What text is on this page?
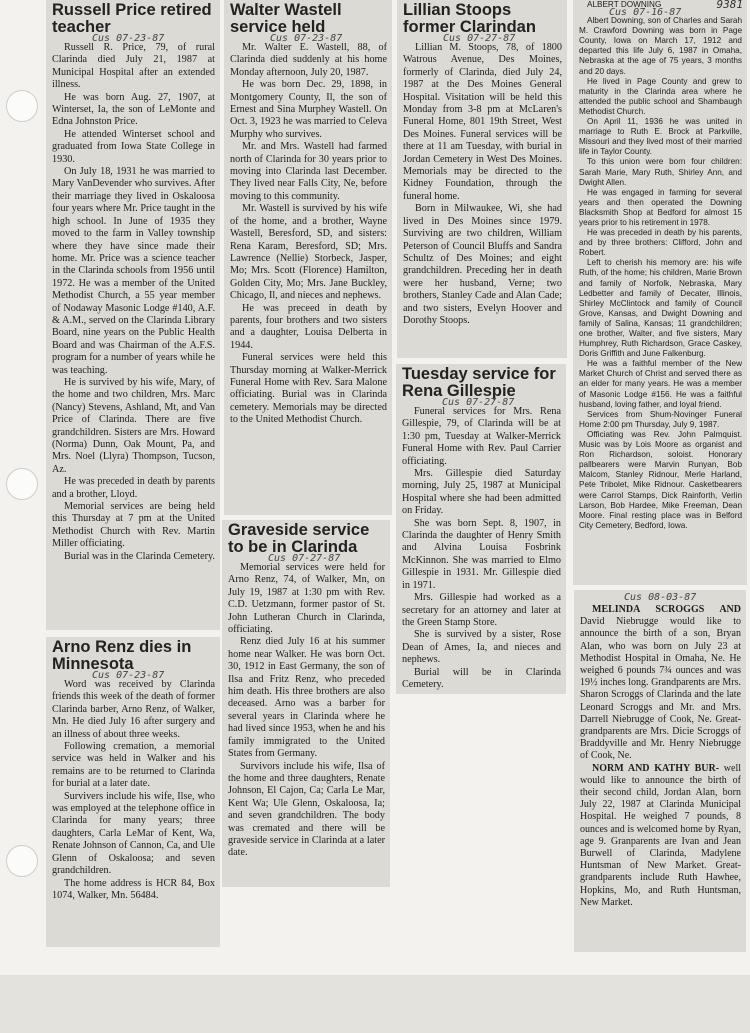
Russell Price retired teacher
Cus 07-23-87

Russell R. Price, 79, of rural Clarinda died July 21, 1987 at Municipal Hospital after an extended illness.

He was born Aug. 27, 1907, at Winterset, Ia, the son of LeMonte and Edna Johnston Price.

He attended Winterset school and graduated from Iowa State College in 1930.

On July 18, 1931 he was married to Mary VanDevender who survives. After their marriage they lived in Oskaloosa four years where Mr. Price taught in the high school. In June of 1935 they moved to the farm in Valley township where they have since made their home. Mr. Price was a science teacher in the Clarinda schools from 1956 until 1972. He was a member of the United Methodist Church, a 55 year member of Nodaway Masonic Lodge #140, A.F. & A.M., served on the Clarinda Library Board, nine years on the Public Health Board and was Chairman of the A.F.S. program for a number of years while he was teaching.

He is survived by his wife, Mary, of the home and two children, Mrs. Marc (Nancy) Stevens, Ashland, Mt, and Van Price of Clarinda. There are five grandchildren. Sisters are Mrs. Howard (Norma) Dunn, Oak Mount, Pa, and Mrs. Noel (Llyra) Thompson, Tucson, Az.

He was preceded in death by parents and a brother, Lloyd.

Memorial services are being held this Thursday at 7 pm at the United Methodist Church with Rev. Martin Miller officiating.

Burial was in the Clarinda Cemetery.

Arno Renz dies in Minnesota
Cus 07-23-87

Word was received by Clarinda friends this week of the death of former Clarinda barber, Arno Renz, of Walker, Mn. He died July 16 after surgery and an illness of about three weeks.

Following cremation, a memorial service was held in Walker and his remains are to be returned to Clarinda for burial at a later date.

Survivers include his wife, Ilse, who was employed at the telephone office in Clarinda for many years; three daughters, Carla LeMar of Kent, Wa, Renate Johnson of Cannon, Ca, and Ule Glenn of Oskaloosa; and seven grandchildren.

The home address is HCR 84, Box 1074, Walker, Mn. 56484.

Walter Wastell service held
Cus 07-23-87

Mr. Walter E. Wastell, 88, of Clarinda died suddenly at his home Monday afternoon, July 20, 1987.

He was born Dec. 29, 1898, in Montgomery County, Il, the son of Ernest and Sina Murphey Wastell. On Oct. 3, 1923 he was married to Celeva Murphy who survives.

Mr. and Mrs. Wastell had farmed north of Clarinda for 30 years prior to moving into Clarinda last December. They lived near Falls City, Ne, before moving to this community.

Mr. Wastell is survived by his wife of the home, and a brother, Wayne Wastell, Beresford, SD, and sisters: Rena Karam, Beresford, SD; Mrs. Lawrence (Nellie) Storbeck, Jasper, Mo; Mrs. Scott (Florence) Hamilton, Golden City, Mo; Mrs. Jane Buckley, Chicago, Il, and nieces and nephews.

He was preceed in death by parents, four brothers and two sisters and a daughter, Louisa Delberta in 1944.

Funeral services were held this Thursday morning at Walker-Merrick Funeral Home with Rev. Sara Malone officiating. Burial was in Clarinda cemetery. Memorials may be directed to the United Methodist Church.

Graveside service to be in Clarinda
Cus 07-27-87

Memorial services were held for Arno Renz, 74, of Walker, Mn, on July 19, 1987 at 1:30 pm with Rev. C.D. Uetzmann, former pastor of St. John Lutheran Church in Clarinda, officiating.

Renz died July 16 at his summer home near Walker. He was born Oct. 30, 1912 in East Germany, the son of Ilsa and Fritz Renz, who preceded him death. His three brothers are also deceased. Arno was a barber for several years in Clarinda where he had lived since 1953, when he and his family immigrated to the United States from Germany.

Survivors include his wife, Ilsa of the home and three daughters, Renate Johnson, El Cajon, Ca; Carla Le Mar, Kent Wa; Ule Glenn, Oskaloosa, Ia; and seven grandchildren. The body was cremated and there will be graveside service in Clarinda at a later date.

Lillian Stoops former Clarindan
Cus 07-27-87

Lillian M. Stoops, 78, of 1800 Watrous Avenue, Des Moines, formerly of Clarinda, died July 24, 1987 at the Des Moines General Hospital. Visitation will be held this Monday from 3-8 pm at McLaren's Funeral Home, 801 19th Street, West Des Moines. Funeral services will be there at 11 am Tuesday, with burial in Jordan Cemetery in West Des Moines. Memorials may be directed to the Kidney Foundation, through the funeral home.

Born in Milwaukee, Wi, she had lived in Des Moines since 1979. Surviving are two children, William Peterson of Council Bluffs and Sandra Schultz of Des Moines; and eight grandchildren. Preceding her in death were her husband, Verne; two brothers, Stanley Cade and Alan Cade; and two sisters, Evelyn Hoover and Dorothy Stoops.

Tuesday service for Rena Gillespie
Cus 07-27-87

Funeral services for Mrs. Rena Gillespie, 79, of Clarinda will be at 1:30 pm, Tuesday at Walker-Merrick Funeral Home with Rev. Paul Carrier officiating.

Mrs. Gillespie died Saturday morning, July 25, 1987 at Municipal Hospital where she had been admitted on Friday.

She was born Sept. 8, 1907, in Clarinda the daughter of Henry Smith and Alvina Louisa Fosbrink McKinnon. She was married to Elmo Gillespie in 1931. Mr. Gillespie died in 1971.

Mrs. Gillespie had worked as a secretary for an attorney and later at the Green Stamp Store.

She is survived by a sister, Rose Dean of Ames, Ia, and nieces and nephews.

Burial will be in Clarinda Cemetery.

9381

ALBERT DOWNING

Cus 07-16-87

Albert Downing, son of Charles and Sarah M. Crawford Downing was born in Page County, Iowa on March 17, 1912 and departed this life July 6, 1987 in Omaha, Nebraska at the age of 75 years, 3 months and 20 days.

He lived in Page County and grew to maturity in the Clarinda area where he attended the public school and Shambaugh Methodist Church.

On April 11, 1936 he was united in marriage to Ruth E. Brock at Parkville, Missouri and they lived most of their married life in Taylor County.

To this union were born four children: Sarah Marie, Mary Ruth, Shirley Ann, and Dwight Allen.

He was engaged in farming for several years and then operated the Downing Blacksmith Shop at Bedford for almost 15 years prior to his retirement in 1978.

He was preceded in death by his parents, and by three brothers: Clifford, John and Robert.

Left to cherish his memory are: his wife Ruth, of the home; his children, Marie Brown and family of Norfolk, Nebraska, Mary Ledbetter and family of Decater, Illinois, Shirley McClintock and family of Council Grove, Kansas, and Dwight Downing and family of Salina, Kansas; 11 grandchildren; one brother, Walter, and five sisters, Mary Humphrey, Ruth Richardson, Grace Caskey, Doris Griffith and June Falkenburg.

He was a faithful member of the New Market Church of Christ and served there as an elder for many years. He was a member of Masonic Lodge #156. He was a faithful husband, loving father, and loyal friend.

Services from Shum-Novinger Funeral Home 2:00 pm Thursday, July 9, 1987.

Officiating was Rev. John Palmquist. Music was by Lois Moore as organist and Ron Richardson, soloist. Honorary pallbearers were Marvin Runyan, Bob Malcom, Stanley Ridnour, Merle Harland, Pete Tribolet, Mike Ridnour. Casketbearers were Carrol Stamps, Dick Rainforth, Verlin Larson, Bob Hardee, Mike Freeman, Dean Moore. Final resting place was in Belford City Cemetery, Bedford, Iowa.

Cus 08-03-87

MELINDA SCROGGS AND David Niebrugge would like to announce the birth of a son, Bryan Alan, who was born on July 23 at Methodist Hospital in Omaha, Ne. He weighed 6 pounds 7¾ ounces and was 19½ inches long. Grandparents are Mrs. Sharon Scroggs of Clarinda and the late Leonard Scroggs and Mr. and Mrs. Darrell Niebrugge of Cook, Ne. Great-grandparents are Mrs. Dicie Scroggs of Braddyville and Mr. Henry Niebrugge of Cook, Ne.

NORM AND KATHY BUR- well would like to announce the birth of their second child, Jordan Alan, born July 22, 1987 at Clarinda Municipal Hospital. He weighed 7 pounds, 8 ounces and is welcomed home by Ryan, age 9. Granparents are Ivan and Jean Burwell of Clarinda, Madylene Huntsman of New Market. Great-grandparents include Ruth Hawhee, Hopkins, Mo, and Ruth Huntsman, New Market.
